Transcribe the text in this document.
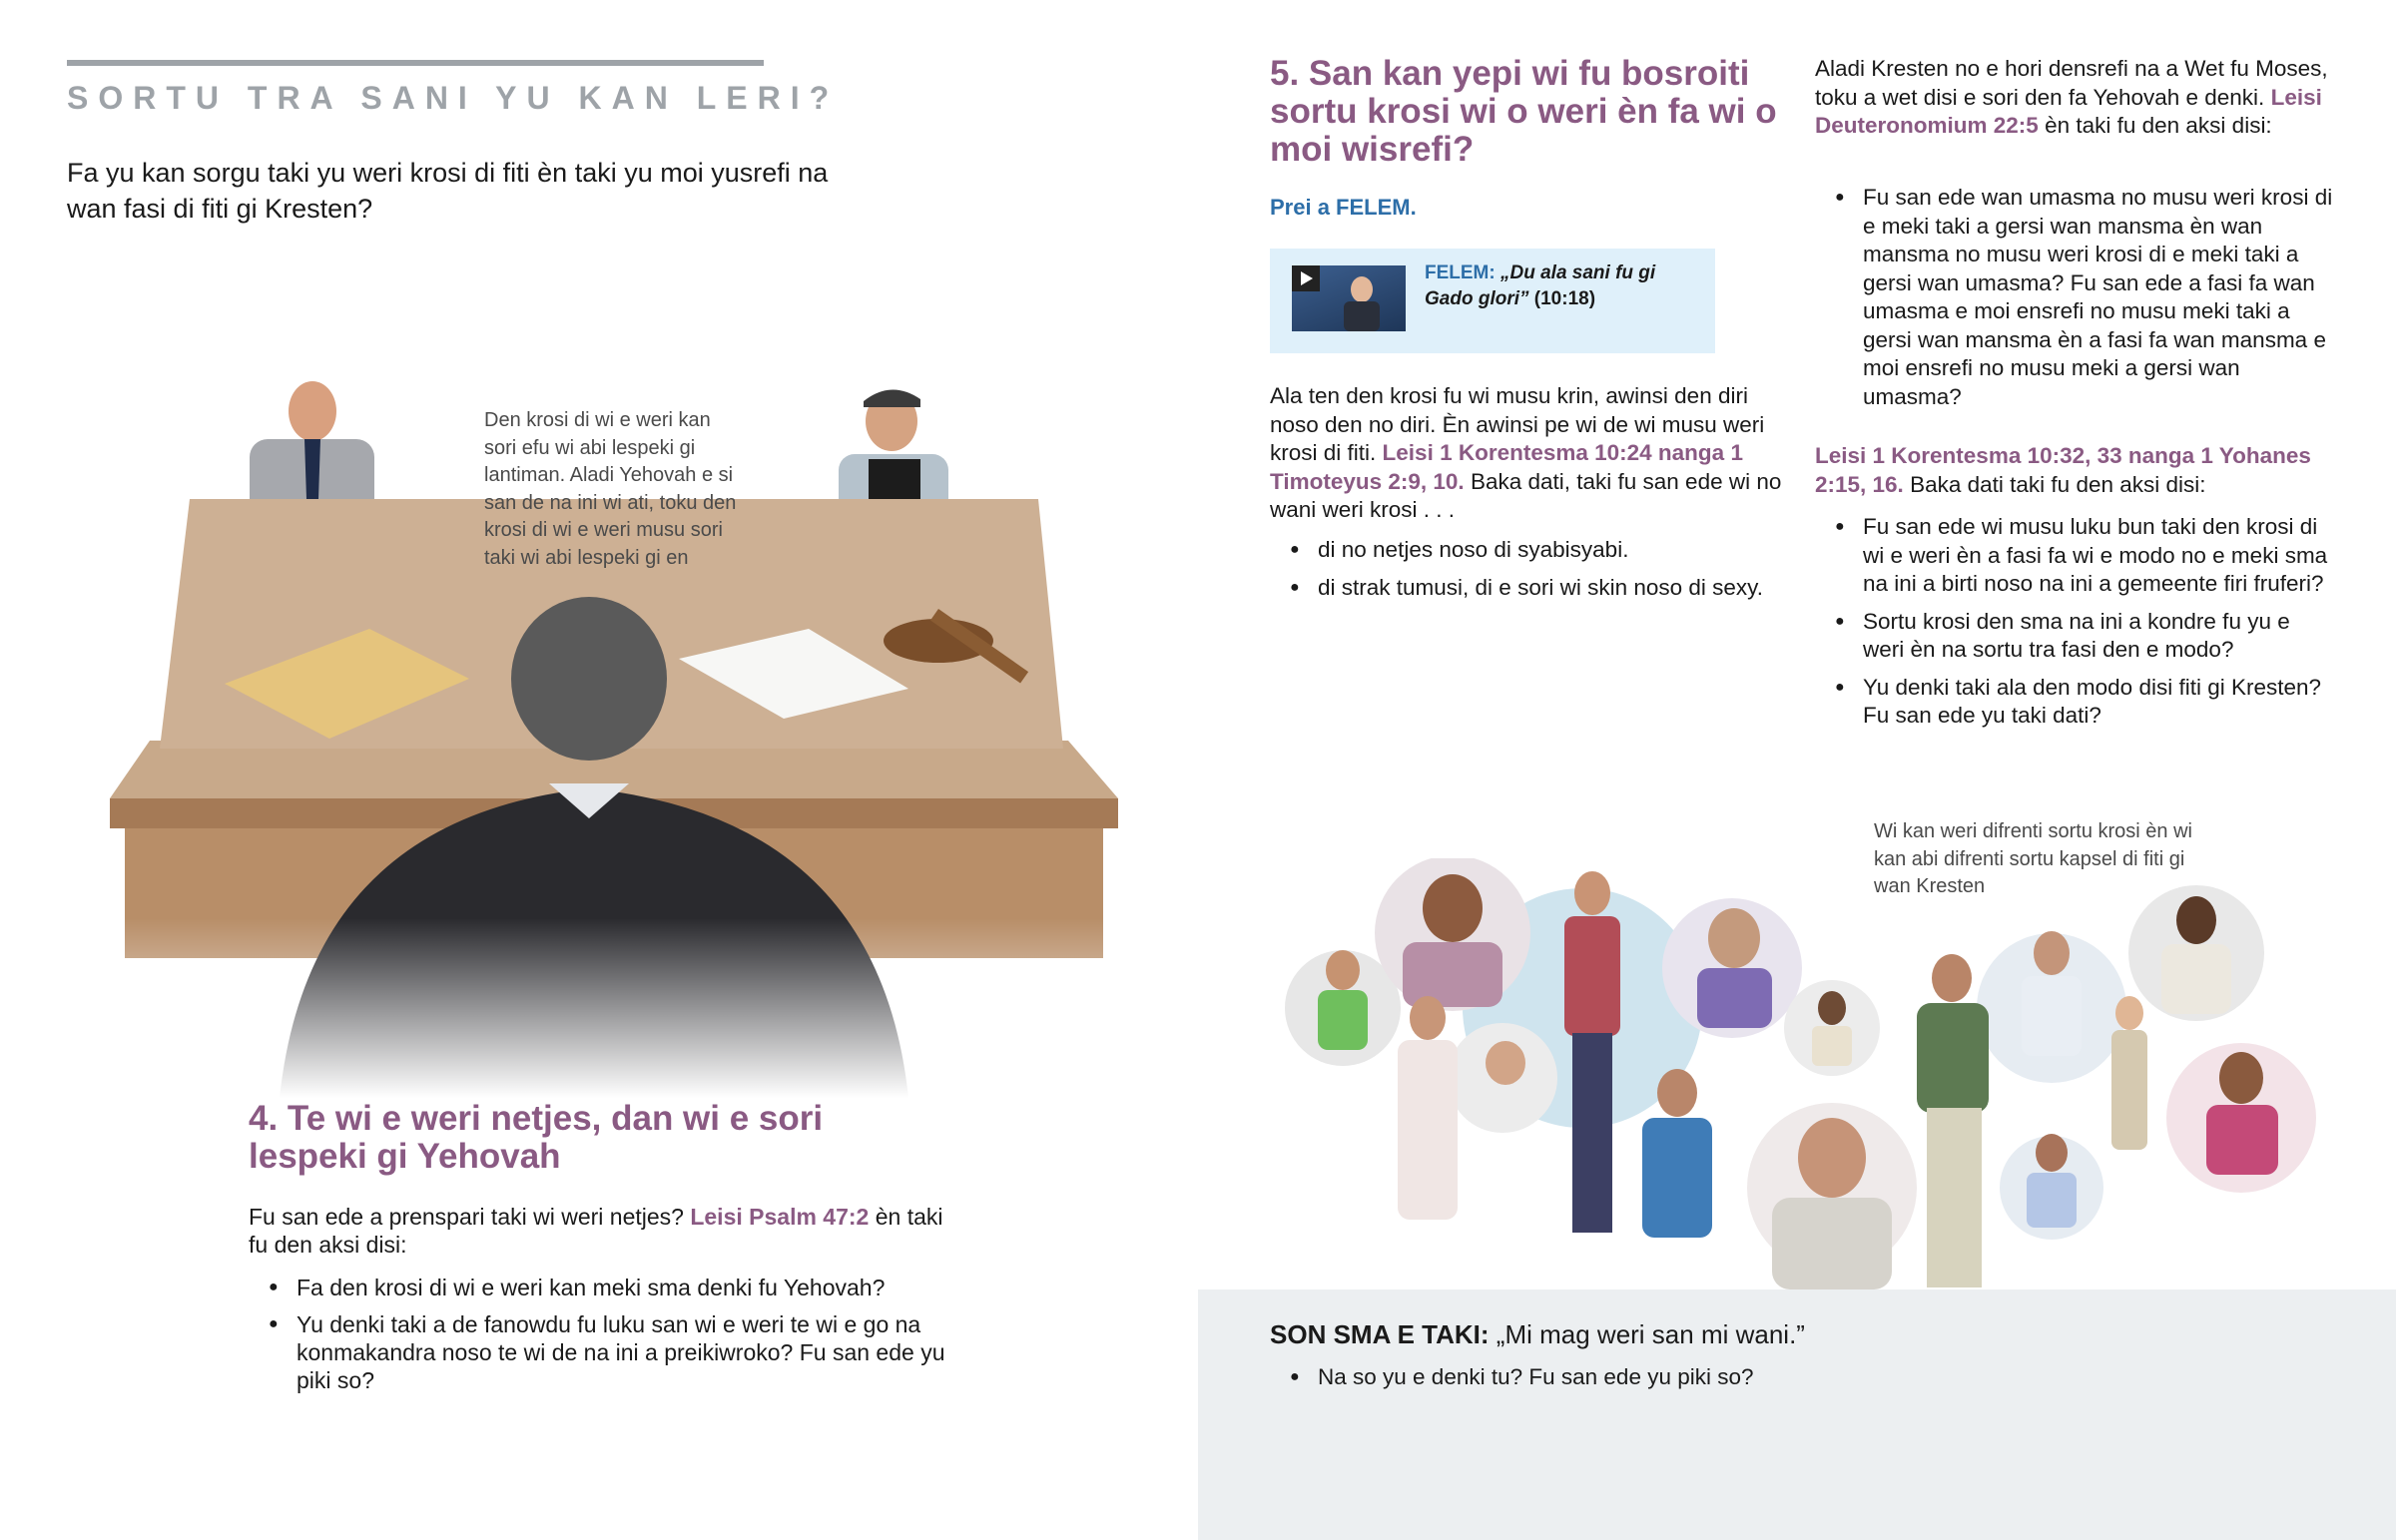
SORTU TRA SANI YU KAN LERI?

Fa yu kan sorgu taki yu weri krosi di fiti èn taki yu moi yusrefi na wan fasi di fiti gi Kresten?

Den krosi di wi e weri kan sori efu wi abi lespeki gi lantiman. Aladi Yehovah e si san de na ini wi ati, toku den krosi di wi e weri musu sori taki wi abi lespeki gi en

4. Te wi e weri netjes, dan wi e sori lespeki gi Yehovah

Fu san ede a prenspari taki wi weri netjes? Leisi Psalm 47:2 èn taki fu den aksi disi:

● Fa den krosi di wi e weri kan meki sma denki fu Yehovah?
● Yu denki taki a de fanowdu fu luku san wi e weri te wi e go na konmakandra noso te wi de na ini a preikiwroko? Fu san ede yu piki so?
5. San kan yepi wi fu bosroiti sortu krosi wi o weri èn fa wi o moi wisrefi?
Prei a FELEM.
FELEM: „Du ala sani fu gi Gado glori” (10:18)

Ala ten den krosi fu wi musu krin, awinsi den diri noso den no diri. Èn awinsi pe wi de wi musu weri krosi di fiti. Leisi 1 Korentesma 10:24 nanga 1 Timoteyus 2:9, 10. Baka dati, taki fu san ede wi no wani weri krosi . . .

● di no netjes noso di syabisyabi.
● di strak tumusi, di e sori wi skin noso di sexy.

Aladi Kresten no e hori densrefi na a Wet fu Moses, toku a wet disi e sori den fa Yehovah e denki. Leisi Deuteronomium 22:5 èn taki fu den aksi disi:

● Fu san ede wan umasma no musu weri krosi di e meki taki a gersi wan mansma èn wan mansma no musu weri krosi di e meki taki a gersi wan umasma? Fu san ede a fasi fa wan umasma e moi ensrefi no musu meki taki a gersi wan mansma èn a fasi fa wan mansma e moi ensrefi no musu meki a gersi wan umasma?

Leisi 1 Korentesma 10:32, 33 nanga 1 Yohanes 2:15, 16. Baka dati taki fu den aksi disi:

● Fu san ede wi musu luku bun taki den krosi di wi e weri èn a fasi fa wi e modo no e meki sma na ini a birti noso na ini a gemeente firi fruferi?
● Sortu krosi den sma na ini a kondre fu yu e weri èn na sortu tra fasi den e modo?
● Yu denki taki ala den modo disi fiti gi Kresten? Fu san ede yu taki dati?

Wi kan weri difrenti sortu krosi èn wi kan abi difrenti sortu kapsel di fiti gi wan Kresten

SON SMA E TAKI: „Mi mag weri san mi wani.”
● Na so yu e denki tu? Fu san ede yu piki so?
